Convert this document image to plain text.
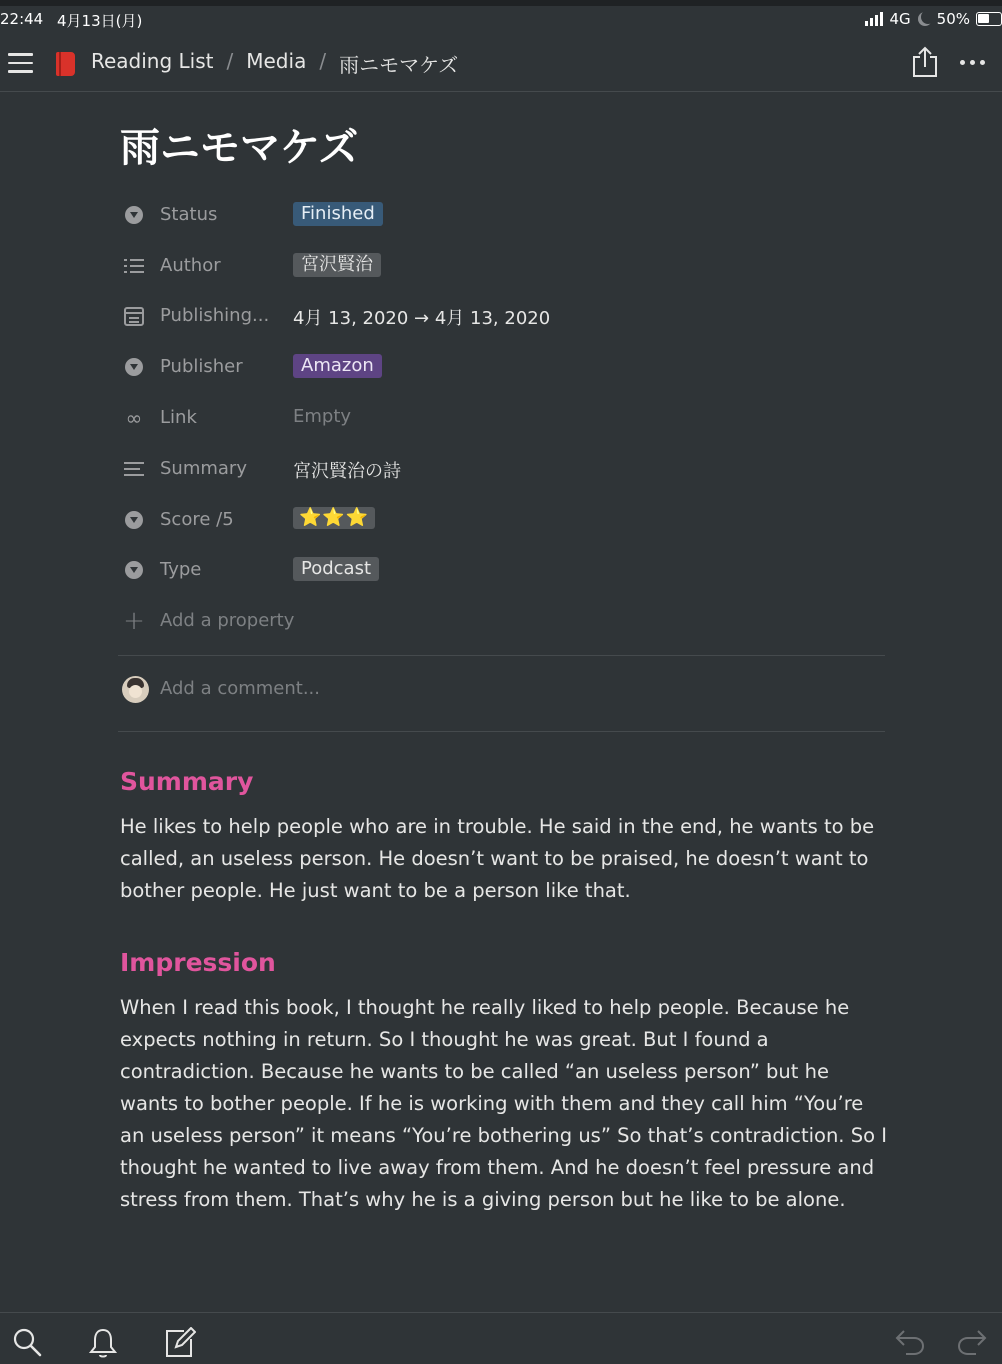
22:44 4月13日(月)	4G 50%
Reading List / Media / 雨ニモマケズ
雨ニモマケズ
Status	Finished
Author	宮沢賢治
Publishing... 4月 13, 2020 → 4月 13, 2020
Publisher	Amazon
∞ Link	Empty
Summary	宮沢賢治の詩
Score /5	⭐⭐⭐
Type	Podcast
+ Add a property
Add a comment...
Summary

He likes to help people who are in trouble. He said in the end, he wants to be called, an useless person. He doesn’t want to be praised, he doesn’t want to bother people. He just want to be a person like that.

Impression

When I read this book, I thought he really liked to help people. Because he expects nothing in return. So I thought he was great. But I found a contradiction. Because he wants to be called “an useless person” but he wants to bother people. If he is working with them and they call him “You’re an useless person” it means “You’re bothering us” So that’s contradiction. So I thought he wanted to live away from them. And he doesn’t feel pressure and stress from them. That’s why he is a giving person but he like to be alone.
